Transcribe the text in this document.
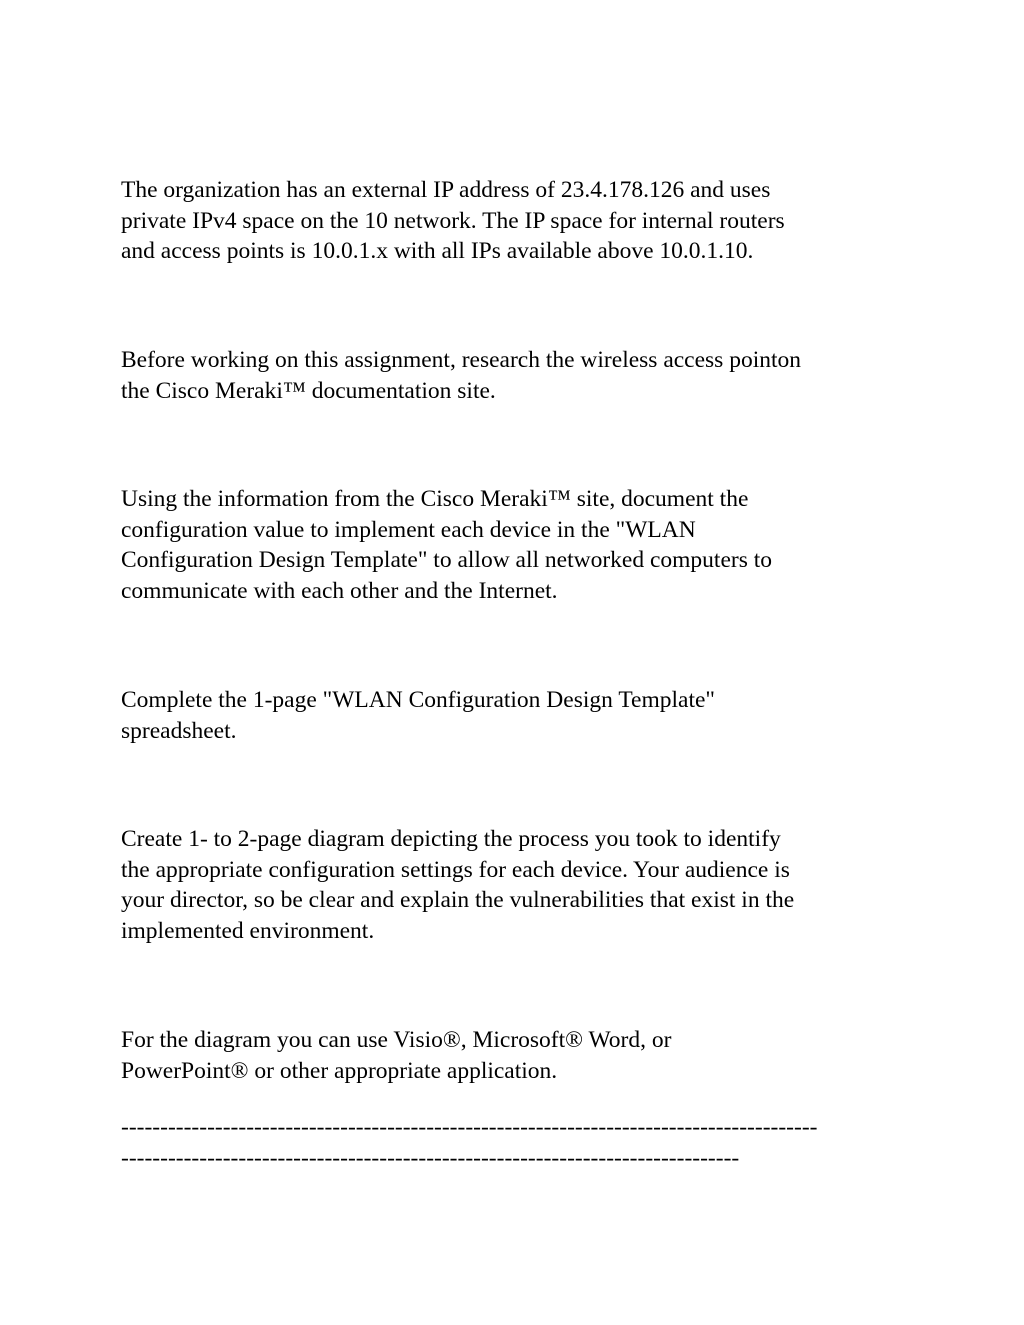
The organization has an external IP address of 23.4.178.126 and uses
private IPv4 space on the 10 network. The IP space for internal routers
and access points is 10.0.1.x with all IPs available above 10.0.1.10.

Before working on this assignment, research the wireless access pointon
the Cisco Meraki™ documentation site.

Using the information from the Cisco Meraki™ site, document the
configuration value to implement each device in the "WLAN
Configuration Design Template" to allow all networked computers to
communicate with each other and the Internet.

Complete the 1-page "WLAN Configuration Design Template"
spreadsheet.

Create 1- to 2-page diagram depicting the process you took to identify
the appropriate configuration settings for each device. Your audience is
your director, so be clear and explain the vulnerabilities that exist in the
implemented environment.

For the diagram you can use Visio®, Microsoft® Word, or
PowerPoint® or other appropriate application.

-----------------------------------------------------------------------------------------
-------------------------------------------------------------------------------
